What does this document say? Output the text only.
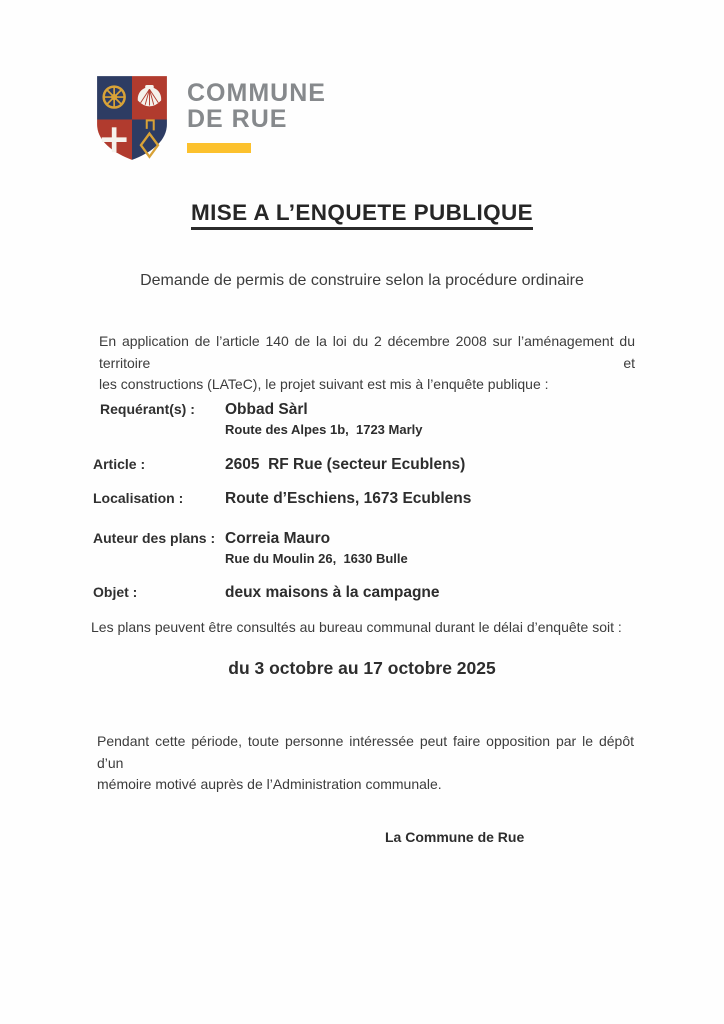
COMMUNE
DE RUE
MISE A L’ENQUETE PUBLIQUE
Demande de permis de construire selon la procédure ordinaire
En application de l’article 140 de la loi du 2 décembre 2008 sur l’aménagement du territoire et
les constructions (LATeC), le projet suivant est mis à l’enquête publique :
Requérant(s) :	Obbad Sàrl
Route des Alpes 1b,  1723 Marly
Article :	2605  RF Rue (secteur Ecublens)
Localisation :	Route d’Eschiens, 1673 Ecublens
Auteur des plans : Correia Mauro
Rue du Moulin 26,  1630 Bulle
Objet :	deux maisons à la campagne
Les plans peuvent être consultés au bureau communal durant le délai d’enquête soit :
du 3 octobre au 17 octobre 2025
Pendant cette période, toute personne intéressée peut faire opposition par le dépôt d’un
mémoire motivé auprès de l’Administration communale.
La Commune de Rue
